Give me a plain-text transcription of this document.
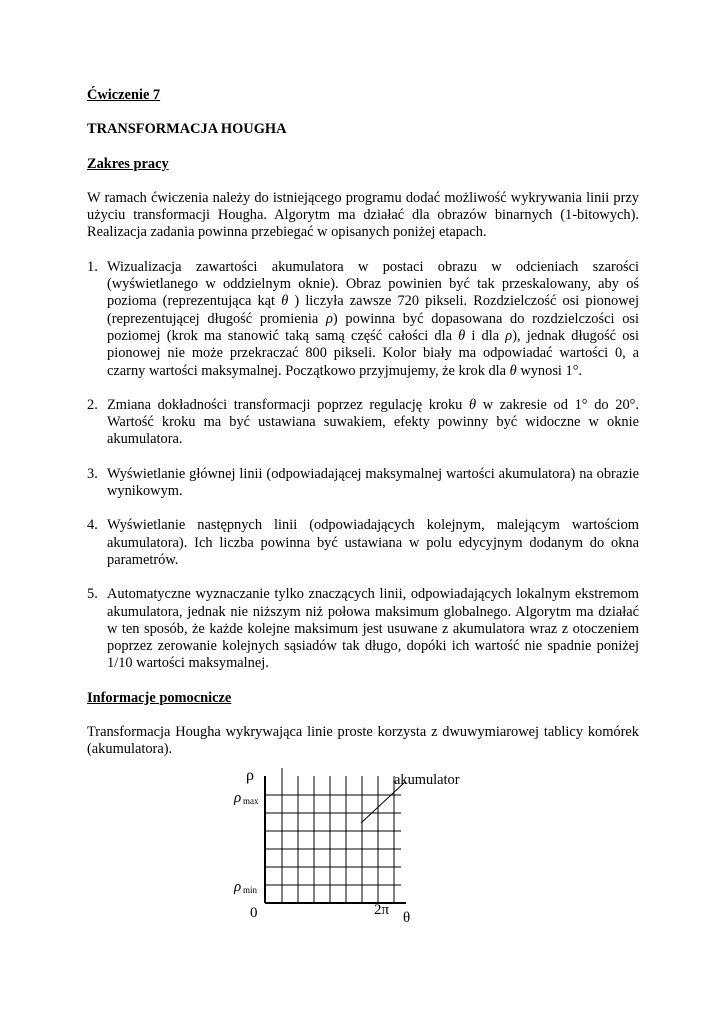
Ćwiczenie 7

TRANSFORMACJA HOUGHA

Zakres pracy

W ramach ćwiczenia należy do istniejącego programu dodać możliwość wykrywania linii przy użyciu transformacji Hougha. Algorytm ma działać dla obrazów binarnych (1-bitowych). Realizacja zadania powinna przebiegać w opisanych poniżej etapach.

1. Wizualizacja zawartości akumulatora w postaci obrazu w odcieniach szarości (wyświetlanego w oddzielnym oknie). Obraz powinien być tak przeskalowany, aby oś pozioma (reprezentująca kąt θ ) liczyła zawsze 720 pikseli. Rozdzielczość osi pionowej (reprezentującej długość promienia ρ) powinna być dopasowana do rozdzielczości osi poziomej (krok ma stanowić taką samą część całości dla θ i dla ρ), jednak długość osi pionowej nie może przekraczać 800 pikseli. Kolor biały ma odpowiadać wartości 0, a czarny wartości maksymalnej. Początkowo przyjmujemy, że krok dla θ wynosi 1°.
2. Zmiana dokładności transformacji poprzez regulację kroku θ w zakresie od 1° do 20°. Wartość kroku ma być ustawiana suwakiem, efekty powinny być widoczne w oknie akumulatora.
3. Wyświetlanie głównej linii (odpowiadającej maksymalnej wartości akumulatora) na obrazie wynikowym.
4. Wyświetlanie następnych linii (odpowiadających kolejnym, malejącym wartościom akumulatora). Ich liczba powinna być ustawiana w polu edycyjnym dodanym do okna parametrów.
5. Automatyczne wyznaczanie tylko znaczących linii, odpowiadających lokalnym ekstremom akumulatora, jednak nie niższym niż połowa maksimum globalnego. Algorytm ma działać w ten sposób, że każde kolejne maksimum jest usuwane z akumulatora wraz z otoczeniem poprzez zerowanie kolejnych sąsiadów tak długo, dopóki ich wartość nie spadnie poniżej 1/10 wartości maksymalnej.

Informacje pomocnicze

Transformacja Hougha wykrywająca linie proste korzysta z dwuwymiarowej tablicy komórek (akumulatora).

ρ
ρ max
ρ min
0	2π θ
akumulator
